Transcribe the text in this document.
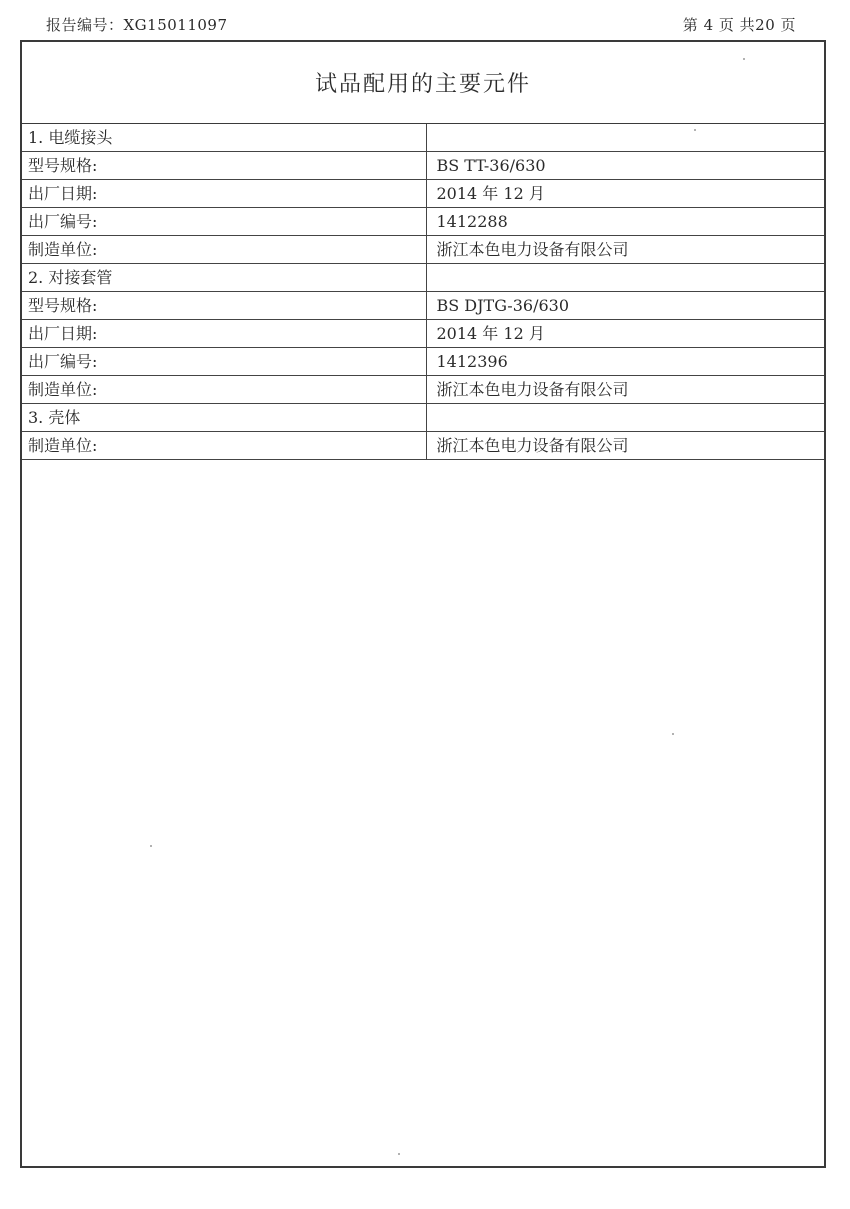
报告编号：XG15011097	第 4 页 共20 页
试品配用的主要元件
1. 电缆接头	
型号规格:	BS TT-36/630
出厂日期:	2014 年 12 月
出厂编号:	1412288
制造单位:	浙江本色电力设备有限公司
2. 对接套管	
型号规格:	BS DJTG-36/630
出厂日期:	2014 年 12 月
出厂编号:	1412396
制造单位:	浙江本色电力设备有限公司
3. 壳体	
制造单位:	浙江本色电力设备有限公司
